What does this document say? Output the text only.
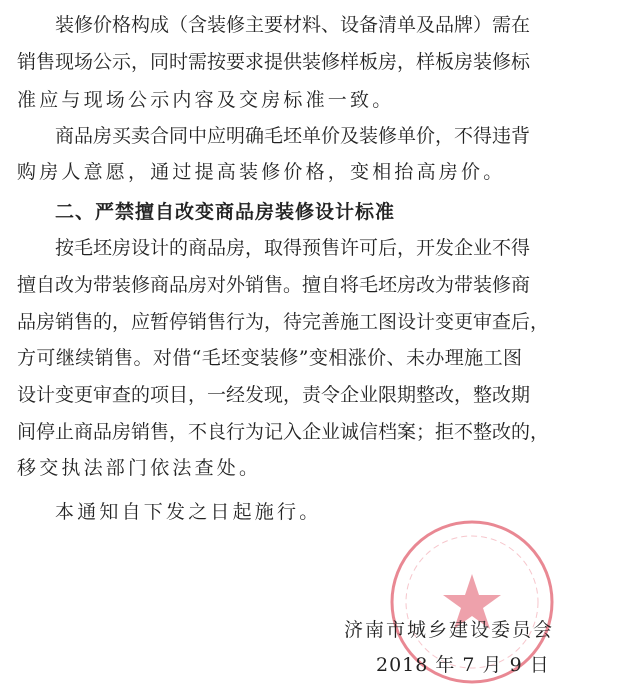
装修价格构成（含装修主要材料、设备清单及品牌）需在
销售现场公示，同时需按要求提供装修样板房，样板房装修标
准应与现场公示内容及交房标准一致。
商品房买卖合同中应明确毛坯单价及装修单价，不得违背
购房人意愿，通过提高装修价格，变相抬高房价。
二、严禁擅自改变商品房装修设计标准
按毛坯房设计的商品房，取得预售许可后，开发企业不得
擅自改为带装修商品房对外销售。擅自将毛坯房改为带装修商
品房销售的，应暂停销售行为，待完善施工图设计变更审查后，
方可继续销售。对借“毛坯变装修”变相涨价、未办理施工图
设计变更审查的项目，一经发现，责令企业限期整改，整改期
间停止商品房销售，不良行为记入企业诚信档案；拒不整改的，
移交执法部门依法查处。
本通知自下发之日起施行。
济南市城乡建设委员会
2018 年 7 月 9 日
